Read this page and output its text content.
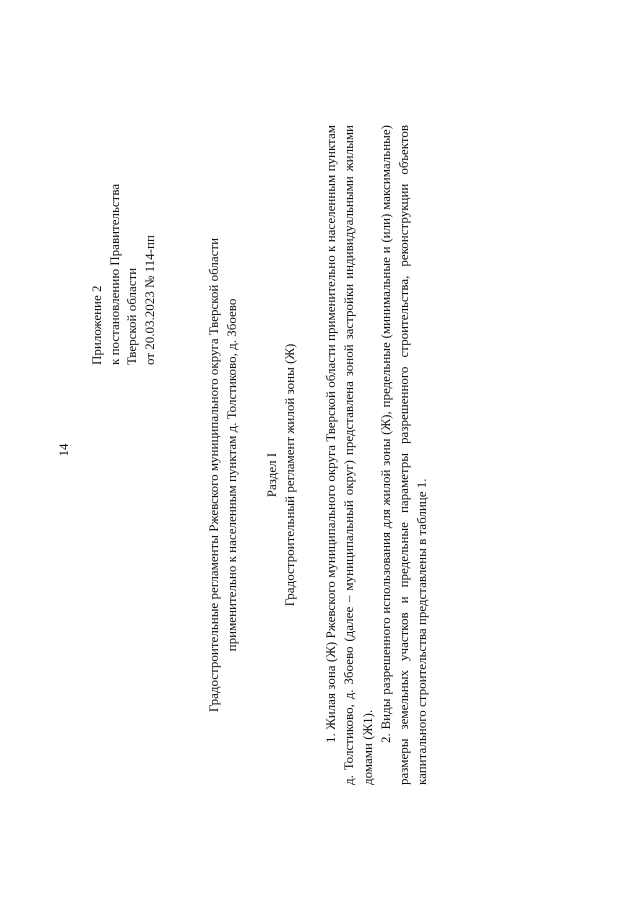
14
Приложение 2 к постановлению Правительства Тверской области от 20.03.2023 № 114-пп	Градостроительные регламенты Ржевского муниципального округа Тверской области применительно к населенным пунктам д. Толстиково, д. Збоево Раздел I Градостроительный регламент жилой зоны (Ж) 1. Жилая зона (Ж) Ржевского муниципального округа Тверской области применительно к населенным пунктам д. Толстиково, д. Збоево (далее – муниципальный округ) представлена зоной застройки индивидуальными жилыми домами (Ж1).

2. Виды разрешенного использования для жилой зоны (Ж), предельные (минимальные и (или) максимальные) размеры земельных участков и предельные параметры разрешенного строительства, реконструкции объектов капитального строительства представлены в таблице 1.
